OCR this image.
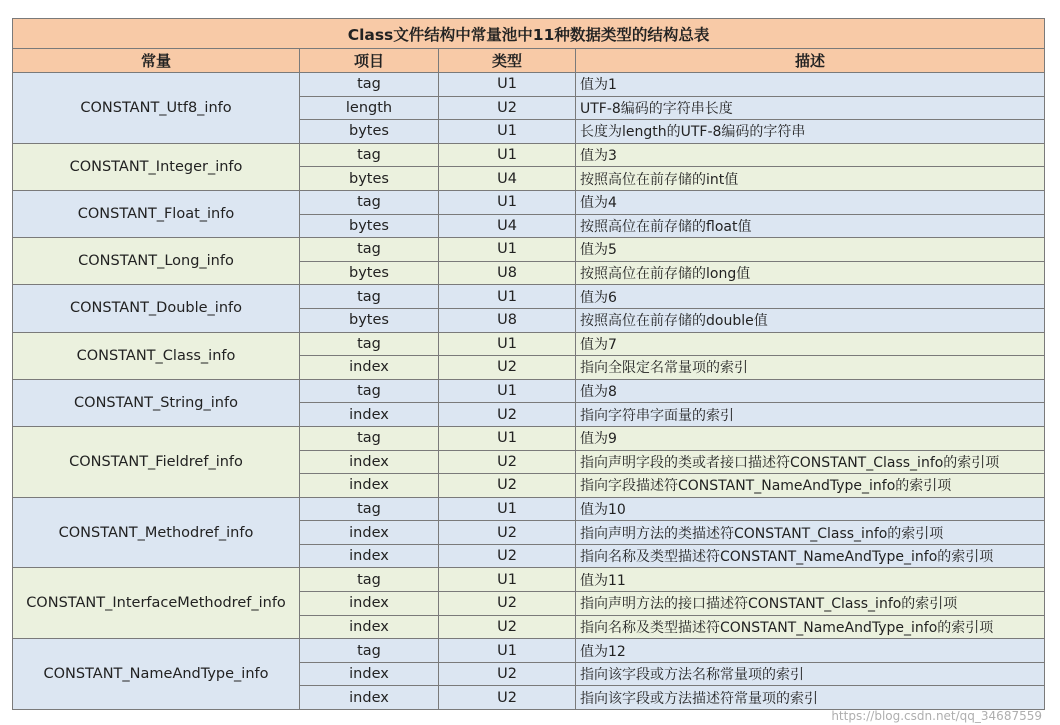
Class文件结构中常量池中11种数据类型的结构总表			
常量	项目	类型	描述
CONSTANT_Utf8_info	tag	U1	值为1
	length	U2	UTF-8编码的字符串长度
	bytes	U1	长度为length的UTF-8编码的字符串
CONSTANT_Integer_info	tag	U1	值为3
	bytes	U4	按照高位在前存储的int值
CONSTANT_Float_info	tag	U1	值为4
	bytes	U4	按照高位在前存储的float值
CONSTANT_Long_info	tag	U1	值为5
	bytes	U8	按照高位在前存储的long值
CONSTANT_Double_info	tag	U1	值为6
	bytes	U8	按照高位在前存储的double值
CONSTANT_Class_info	tag	U1	值为7
	index	U2	指向全限定名常量项的索引
CONSTANT_String_info	tag	U1	值为8
	index	U2	指向字符串字面量的索引
CONSTANT_Fieldref_info	tag	U1	值为9
	index	U2	指向声明字段的类或者接口描述符CONSTANT_Class_info的索引项
	index	U2	指向字段描述符CONSTANT_NameAndType_info的索引项
CONSTANT_Methodref_info	tag	U1	值为10
	index	U2	指向声明方法的类描述符CONSTANT_Class_info的索引项
	index	U2	指向名称及类型描述符CONSTANT_NameAndType_info的索引项
CONSTANT_InterfaceMethodref_info	tag	U1	值为11
	index	U2	指向声明方法的接口描述符CONSTANT_Class_info的索引项
	index	U2	指向名称及类型描述符CONSTANT_NameAndType_info的索引项
CONSTANT_NameAndType_info	tag	U1	值为12
	index	U2	指向该字段或方法名称常量项的索引
	index	U2	指向该字段或方法描述符常量项的索引
https://blog.csdn.net/qq_34687559
